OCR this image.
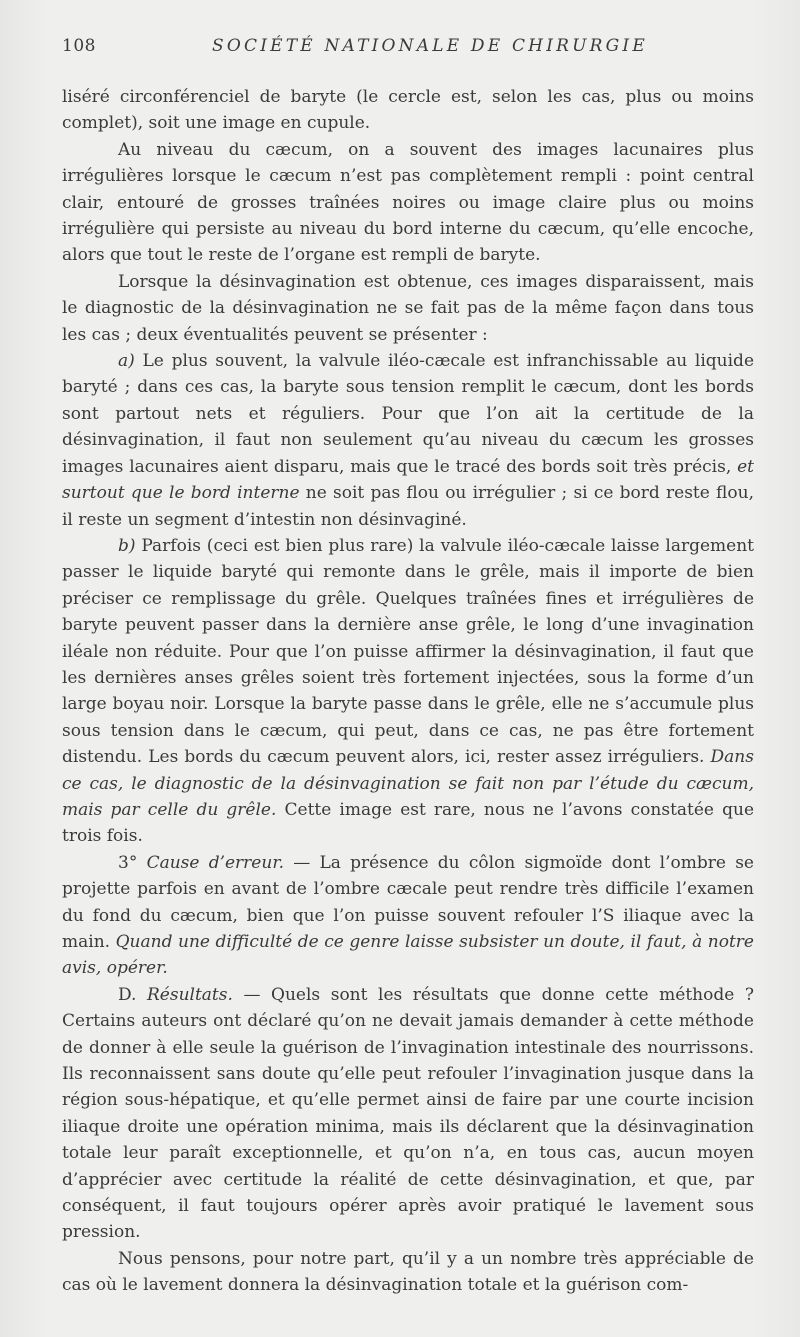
108	SOCIÉTÉ NATIONALE DE CHIRURGIE

liséré circonférenciel de baryte (le cercle est, selon les cas, plus ou moins complet), soit une image en cupule.

Au niveau du cæcum, on a souvent des images lacunaires plus irrégulières lorsque le cæcum n’est pas complètement rempli : point central clair, entouré de grosses traînées noires ou image claire plus ou moins irrégulière qui persiste au niveau du bord interne du cæcum, qu’elle encoche, alors que tout le reste de l’organe est rempli de baryte.

Lorsque la désinvagination est obtenue, ces images disparaissent, mais le diagnostic de la désinvagination ne se fait pas de la même façon dans tous les cas ; deux éventualités peuvent se présenter :

a) Le plus souvent, la valvule iléo-cæcale est infranchissable au liquide baryté ; dans ces cas, la baryte sous tension remplit le cæcum, dont les bords sont partout nets et réguliers. Pour que l’on ait la certitude de la désinvagination, il faut non seulement qu’au niveau du cæcum les grosses images lacunaires aient disparu, mais que le tracé des bords soit très précis, et surtout que le bord interne ne soit pas flou ou irrégulier ; si ce bord reste flou, il reste un segment d’intestin non désinvaginé.

b) Parfois (ceci est bien plus rare) la valvule iléo-cæcale laisse largement passer le liquide baryté qui remonte dans le grêle, mais il importe de bien préciser ce remplissage du grêle. Quelques traînées fines et irrégulières de baryte peuvent passer dans la dernière anse grêle, le long d’une invagination iléale non réduite. Pour que l’on puisse affirmer la désinvagination, il faut que les dernières anses grêles soient très fortement injectées, sous la forme d’un large boyau noir. Lorsque la baryte passe dans le grêle, elle ne s’accumule plus sous tension dans le cæcum, qui peut, dans ce cas, ne pas être fortement distendu. Les bords du cæcum peuvent alors, ici, rester assez irréguliers. Dans ce cas, le diagnostic de la désinvagination se fait non par l’étude du cæcum, mais par celle du grêle. Cette image est rare, nous ne l’avons constatée que trois fois.

3° Cause d’erreur. — La présence du côlon sigmoïde dont l’ombre se projette parfois en avant de l’ombre cæcale peut rendre très difficile l’examen du fond du cæcum, bien que l’on puisse souvent refouler l’S iliaque avec la main. Quand une difficulté de ce genre laisse subsister un doute, il faut, à notre avis, opérer.

D. Résultats. — Quels sont les résultats que donne cette méthode ? Certains auteurs ont déclaré qu’on ne devait jamais demander à cette méthode de donner à elle seule la guérison de l’invagination intestinale des nourrissons. Ils reconnaissent sans doute qu’elle peut refouler l’invagination jusque dans la région sous-hépatique, et qu’elle permet ainsi de faire par une courte incision iliaque droite une opération minima, mais ils déclarent que la désinvagination totale leur paraît exceptionnelle, et qu’on n’a, en tous cas, aucun moyen d’apprécier avec certitude la réalité de cette désinvagination, et que, par conséquent, il faut toujours opérer après avoir pratiqué le lavement sous pression.

Nous pensons, pour notre part, qu’il y a un nombre très appréciable de cas où le lavement donnera la désinvagination totale et la guérison com-
